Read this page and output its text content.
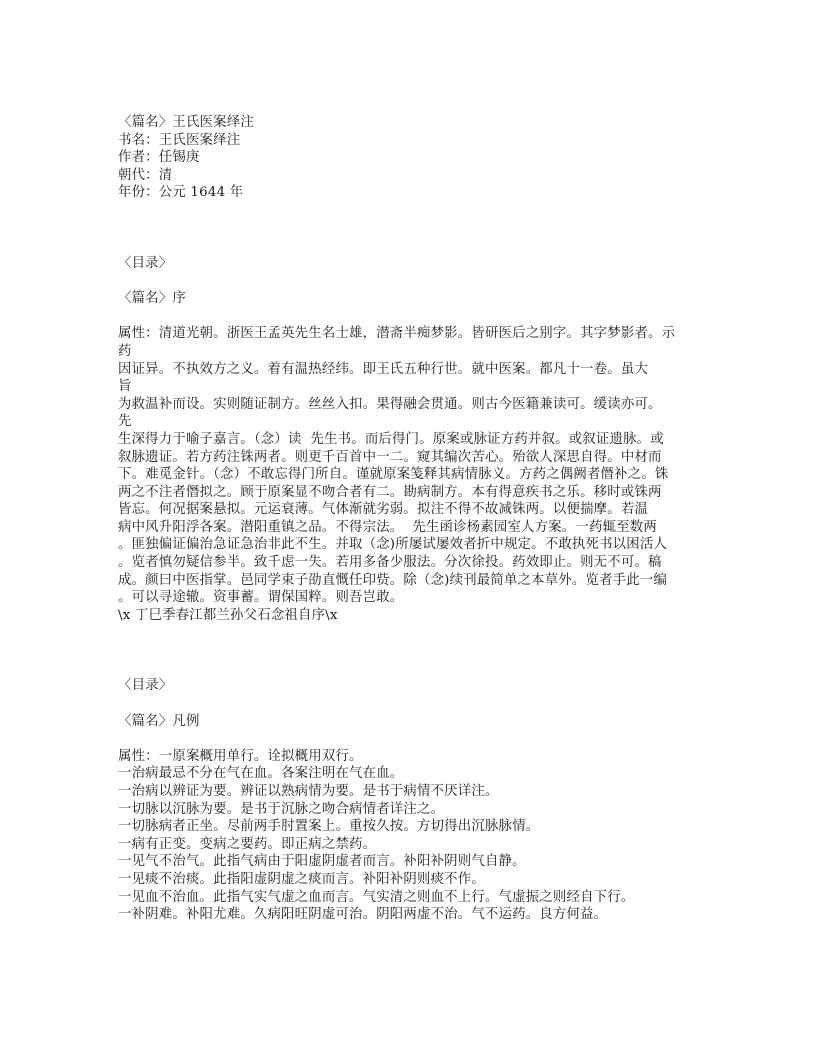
〈篇名〉王氏医案绎注
书名：王氏医案绎注
作者：任锡庚
朝代：清
年份：公元 1644 年
〈目录〉
〈篇名〉序
属性：清道光朝。浙医王孟英先生名士雄，潜斋半痴梦影。皆研医后之别字。其字梦影者。示
药
因证异。不执效方之义。着有温热经纬。即王氏五种行世。就中医案。都凡十一卷。虽大
旨
为救温补而设。实则随证制方。丝丝入扣。果得融会贯通。则古今医籍兼读可。缓读亦可。
先
生深得力于喻子嘉言。（念）读  先生书。而后得门。原案或脉证方药并叙。或叙证遗脉。或
叙脉遗证。若方药注铢两者。则更千百首中一二。窥其编次苦心。殆欲人深思自得。中材而
下。难觅金针。（念）不敢忘得门所自。谨就原案笺释其病情脉义。方药之偶阙者僭补之。铢
两之不注者僭拟之。顾于原案显不吻合者有二。勘病制方。本有得意疾书之乐。移时或铢两
皆忘。何况据案悬拟。元运衰薄。气体渐就劣弱。拟注不得不故减铢两。以便揣摩。若温
病中风升阳浮各案。潜阳重镇之品。不得宗法。  先生函诊杨素园室人方案。一药辄至数两
。匪独偏证偏治急证急治非此不生。并取（念)所屡试屡效者折中规定。不敢执死书以困活人
。览者慎勿疑信参半。致千虑一失。若用多备少服法。分次徐投。药效即止。则无不可。稿
成。颜曰中医指掌。邑同学束子劭直慨任印赀。除（念)续刊最简单之本草外。览者手此一编
。可以寻途辙。资事蓄。谓保国粹。则吾岂敢。
\x 丁巳季春江都兰孙父石念祖自序\x
〈目录〉
〈篇名〉凡例
属性：一原案概用单行。诠拟概用双行。
一治病最忌不分在气在血。各案注明在气在血。
一治病以辨证为要。辨证以熟病情为要。是书于病情不厌详注。
一切脉以沉脉为要。是书于沉脉之吻合病情者详注之。
一切脉病者正坐。尽前两手肘置案上。重按久按。方切得出沉脉脉情。
一病有正变。变病之要药。即正病之禁药。
一见气不治气。此指气病由于阳虚阴虚者而言。补阳补阴则气自静。
一见痰不治痰。此指阳虚阴虚之痰而言。补阳补阴则痰不作。
一见血不治血。此指气实气虚之血而言。气实清之则血不上行。气虚振之则经自下行。
一补阴难。补阳尤难。久病阳旺阴虚可治。阴阳两虚不治。气不运药。良方何益。
